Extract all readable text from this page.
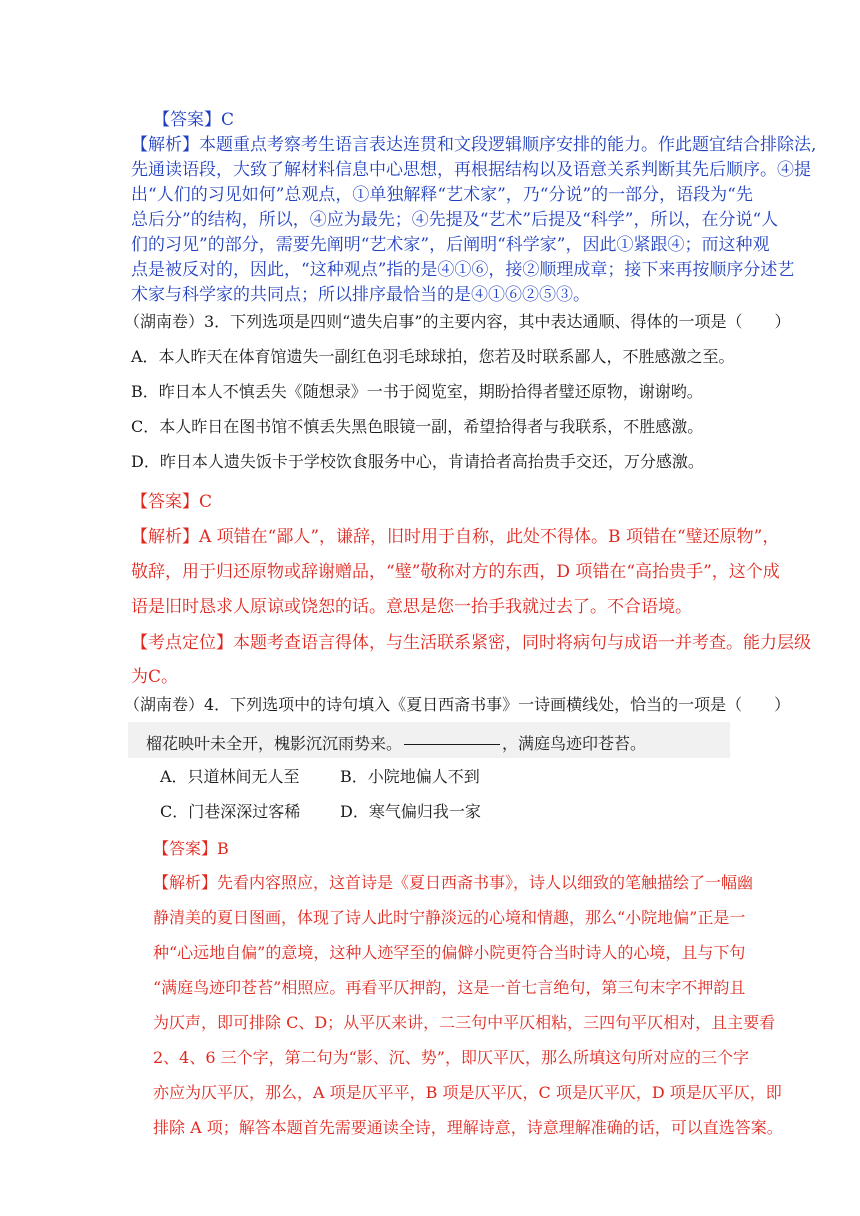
【答案】C
【解析】本题重点考察考生语言表达连贯和文段逻辑顺序安排的能力。作此题宜结合排除法,
先通读语段，大致了解材料信息中心思想，再根据结构以及语意关系判断其先后顺序。④提
出“人们的习见如何”总观点，①单独解释“艺术家”，乃“分说”的一部分，语段为“先
总后分”的结构，所以，④应为最先；④先提及“艺术”后提及“科学”，所以，在分说“人
们的习见”的部分，需要先阐明“艺术家”，后阐明“科学家”，因此①紧跟④；而这种观
点是被反对的，因此，“这种观点”指的是④①⑥，接②顺理成章；接下来再按顺序分述艺
术家与科学家的共同点；所以排序最恰当的是④①⑥②⑤③。
（湖南卷）3．下列选项是四则“遗失启事”的主要内容，其中表达通顺、得体的一项是（　　）
A．本人昨天在体育馆遗失一副红色羽毛球球拍，您若及时联系鄙人，不胜感激之至。
B．昨日本人不慎丢失《随想录》一书于阅览室，期盼拾得者璧还原物，谢谢哟。
C．本人昨日在图书馆不慎丢失黑色眼镜一副，希望拾得者与我联系，不胜感激。
D．昨日本人遗失饭卡于学校饮食服务中心，肯请拾者高抬贵手交还，万分感激。
【答案】C
【解析】A 项错在“鄙人”，谦辞，旧时用于自称，此处不得体。B 项错在“璧还原物”，
敬辞，用于归还原物或辞谢赠品，“璧”敬称对方的东西，D 项错在“高抬贵手”，这个成
语是旧时恳求人原谅或饶恕的话。意思是您一抬手我就过去了。不合语境。
【考点定位】本题考查语言得体，与生活联系紧密，同时将病句与成语一并考查。能力层级
为C。
（湖南卷）4．下列选项中的诗句填入《夏日西斋书事》一诗画横线处，恰当的一项是（　　）
榴花映叶未全开，槐影沉沉雨势来。	，满庭鸟迹印苍苔。
A．只道林间无人至	B．小院地偏人不到
C．门巷深深过客稀 D．寒气偏归我一家
【答案】B
【解析】先看内容照应，这首诗是《夏日西斋书事》，诗人以细致的笔触描绘了一幅幽
静清美的夏日图画，体现了诗人此时宁静淡远的心境和情趣，那么“小院地偏”正是一
种“心远地自偏”的意境，这种人迹罕至的偏僻小院更符合当时诗人的心境，且与下句
“满庭鸟迹印苍苔”相照应。再看平仄押韵，这是一首七言绝句，第三句末字不押韵且
为仄声，即可排除 C、D；从平仄来讲，二三句中平仄相粘，三四句平仄相对，且主要看
2、4、6 三个字，第二句为“影、沉、势”，即仄平仄，那么所填这句所对应的三个字
亦应为仄平仄，那么，A 项是仄平平，B 项是仄平仄，C 项是仄平仄，D 项是仄平仄，即
排除 A 项；解答本题首先需要通读全诗，理解诗意，诗意理解准确的话，可以直选答案。
